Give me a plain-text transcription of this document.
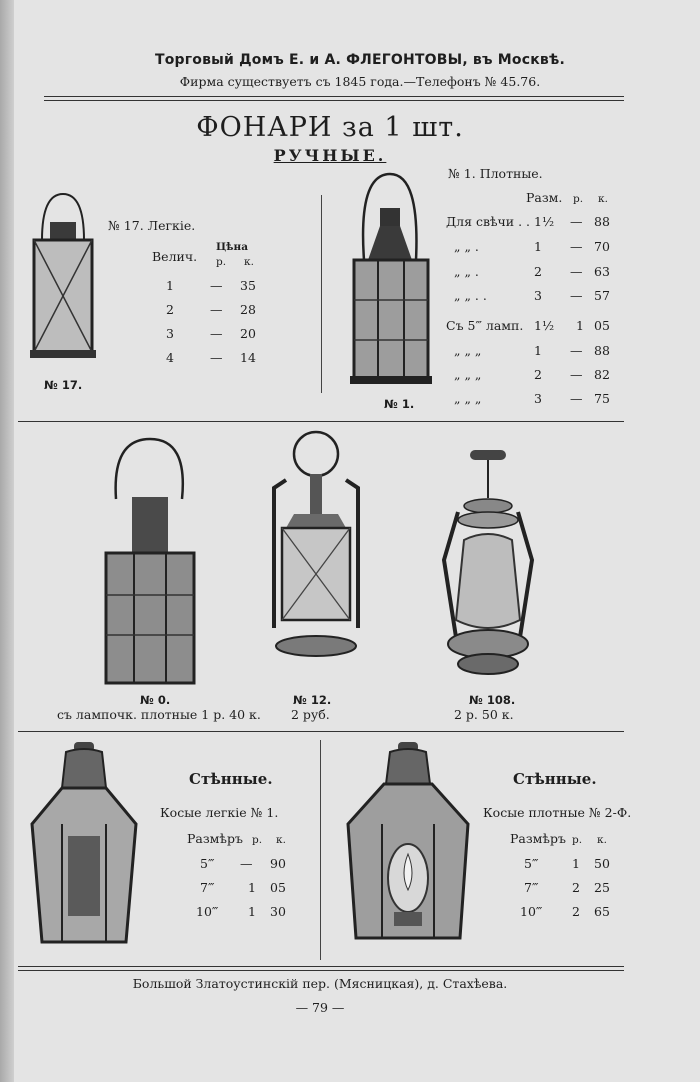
Торговый Домъ Е. и А. ФЛЕГОНТОВЫ, въ Москвѣ.
Фирма существуетъ съ 1845 года.—Телефонъ № 45.76.
ФОНАРИ за 1 шт.
РУЧНЫЕ.
№ 17.
№ 17. Легкіе.
Цѣна
Велич. р. к.
1	— 35
2	— 28
3	— 20
4	— 14
№ 1.
№ 1. Плотные.
Разм. р. к.
Для свѣчи . . 1½ — 88
„ „ .	1 — 70
„ „ .	2 — 63
„ „ . .	3 — 57
Съ 5‴ ламп. 1½ 1 05
„ „ „	1 — 88
„ „ „	2 — 82
„ „ „	3 — 75
№ 0.
съ лампочк. плотные 1 р. 40 к.
№ 12.
2 руб.
№ 108.
2 р. 50 к.
Стѣнные.
Косые легкіе № 1.
Размѣръ р. к.
5‴ — 90
7‴	1 05
10‴ 1 30
Стѣнные.
Косые плотные № 2-Ф.
Размѣръ р. к.
5‴	1 50
7‴	2 25
10‴ 2 65
Большой Златоустинскій пер. (Мясницкая), д. Стахѣева.
— 79 —
